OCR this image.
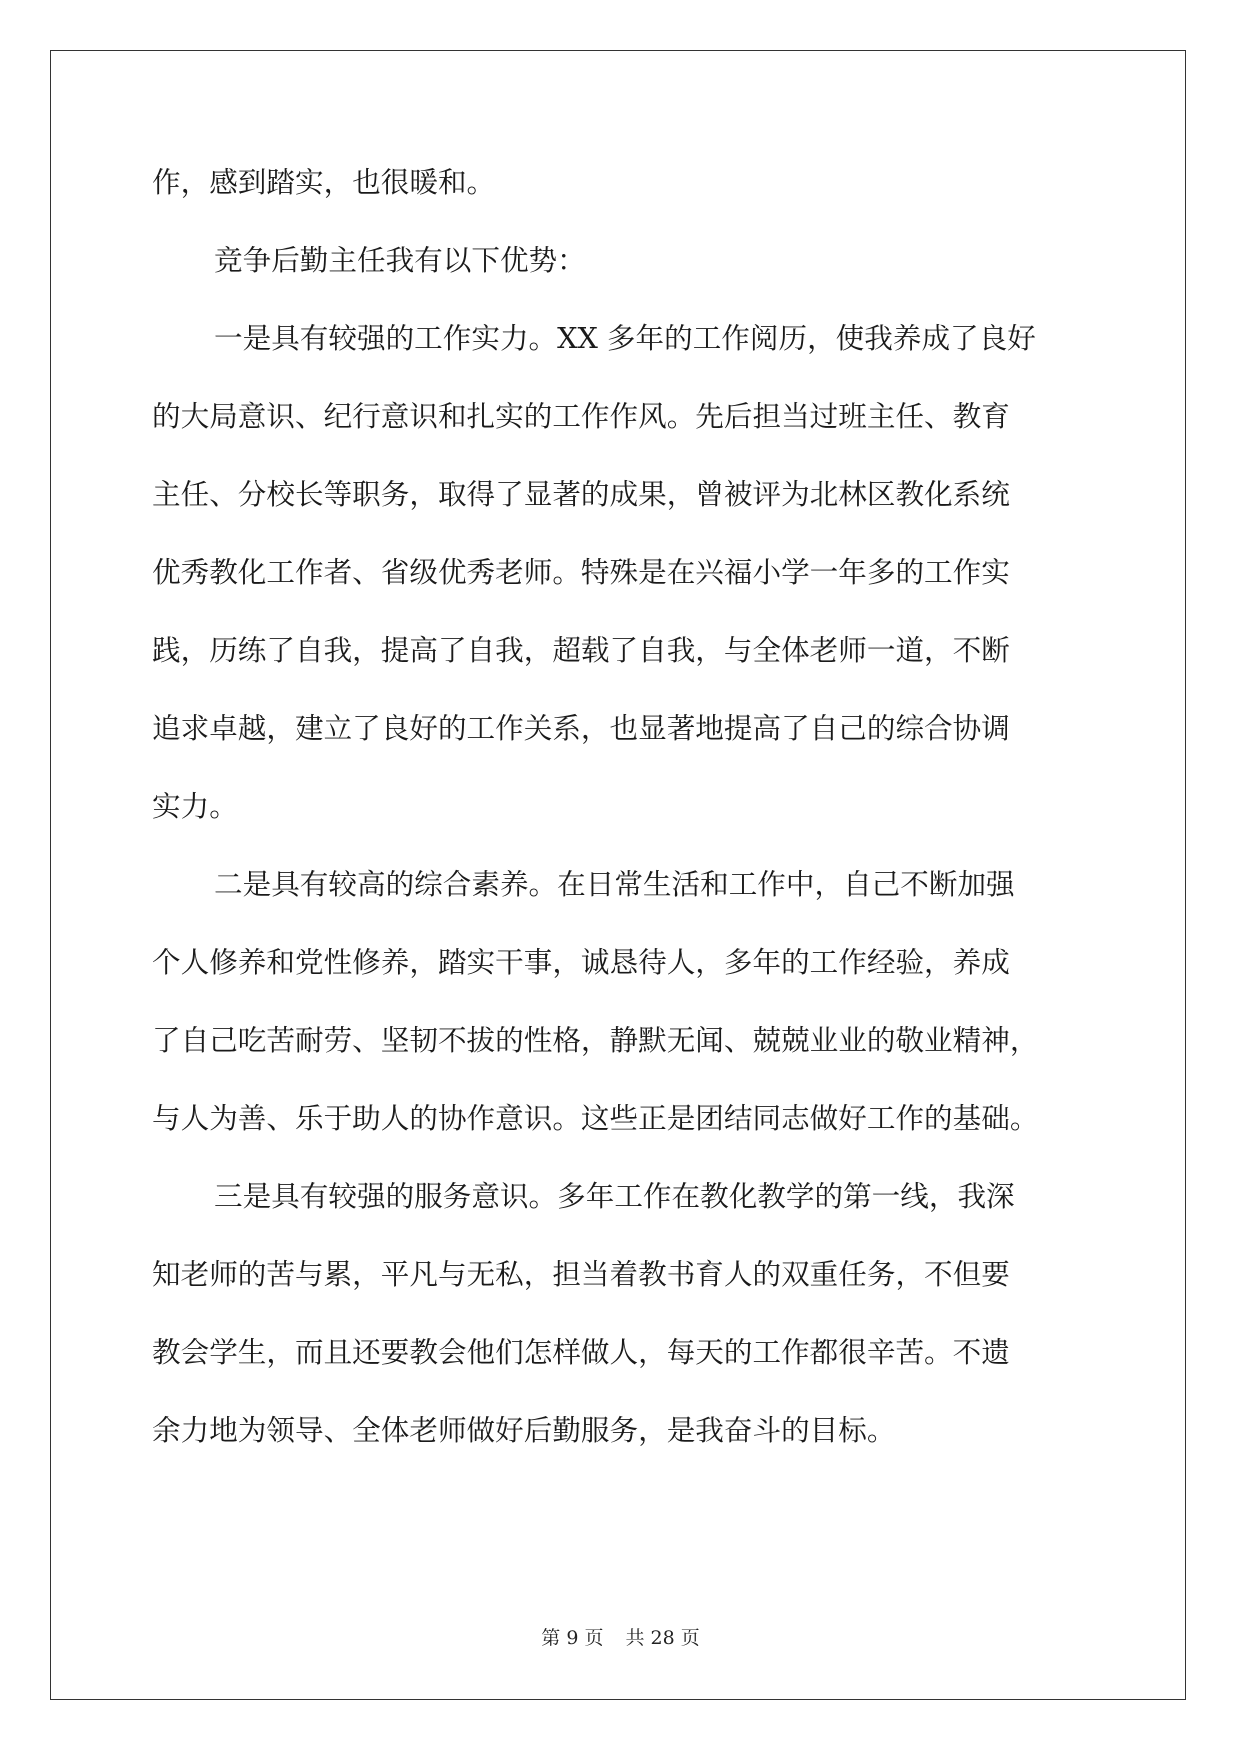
作，感到踏实，也很暖和。
竞争后勤主任我有以下优势：
一是具有较强的工作实力。XX 多年的工作阅历，使我养成了良好
的大局意识、纪行意识和扎实的工作作风。先后担当过班主任、教育
主任、分校长等职务，取得了显著的成果，曾被评为北林区教化系统
优秀教化工作者、省级优秀老师。特殊是在兴福小学一年多的工作实
践，历练了自我，提高了自我，超载了自我，与全体老师一道，不断
追求卓越，建立了良好的工作关系，也显著地提高了自己的综合协调
实力。
二是具有较高的综合素养。在日常生活和工作中，自己不断加强
个人修养和党性修养，踏实干事，诚恳待人，多年的工作经验，养成
了自己吃苦耐劳、坚韧不拔的性格，静默无闻、兢兢业业的敬业精神，
与人为善、乐于助人的协作意识。这些正是团结同志做好工作的基础。
三是具有较强的服务意识。多年工作在教化教学的第一线，我深
知老师的苦与累，平凡与无私，担当着教书育人的双重任务，不但要
教会学生，而且还要教会他们怎样做人，每天的工作都很辛苦。不遗
余力地为领导、全体老师做好后勤服务，是我奋斗的目标。
第 9 页 共 28 页
